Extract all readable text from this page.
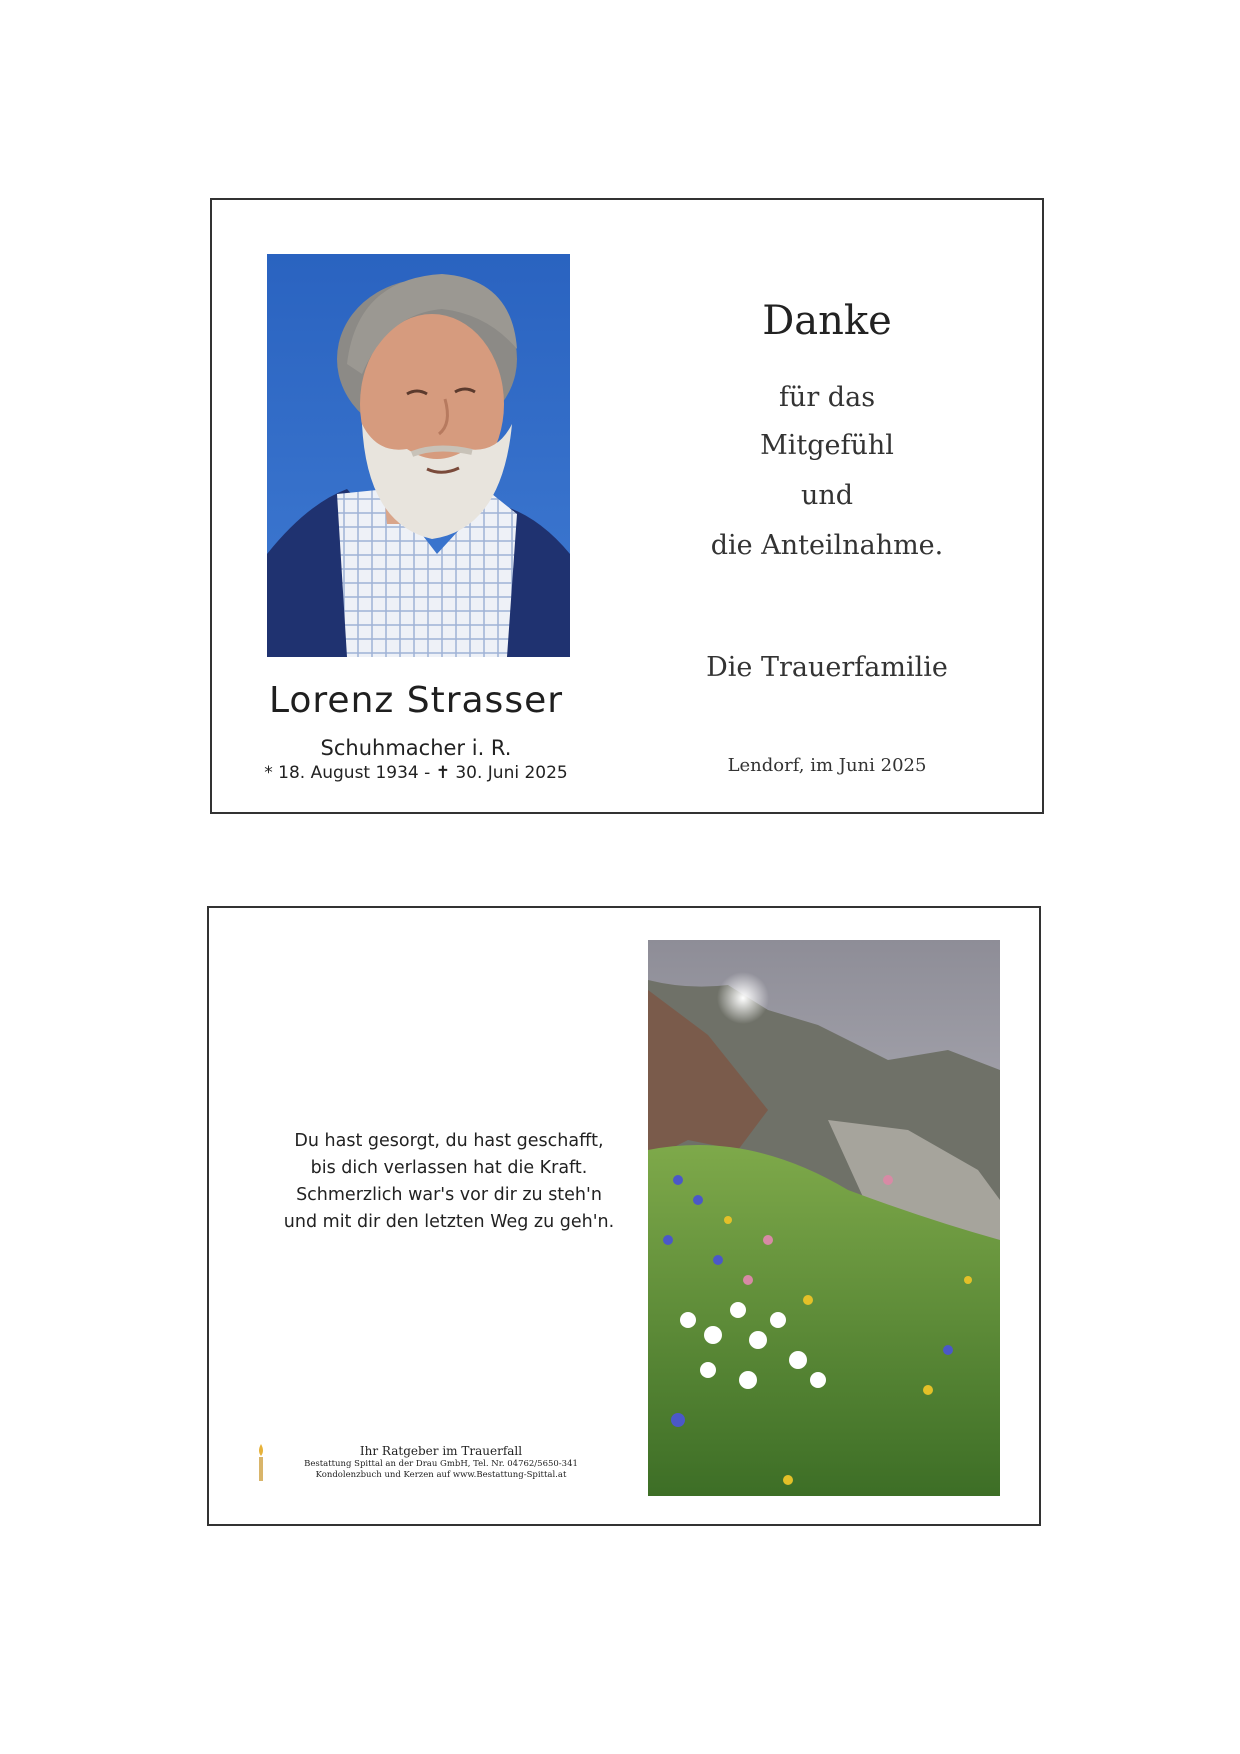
Lorenz Strasser
Schuhmacher i. R.
* 18. August 1934 - ✝ 30. Juni 2025
Danke
für das
Mitgefühl
und
die Anteilnahme.
Die Trauerfamilie
Lendorf, im Juni 2025
Du hast gesorgt, du hast geschafft,
bis dich verlassen hat die Kraft.
Schmerzlich war's vor dir zu steh'n
und mit dir den letzten Weg zu geh'n.
Ihr Ratgeber im Trauerfall
Bestattung Spittal an der Drau GmbH, Tel. Nr. 04762/5650-341
Kondolenzbuch und Kerzen auf www.Bestattung-Spittal.at
